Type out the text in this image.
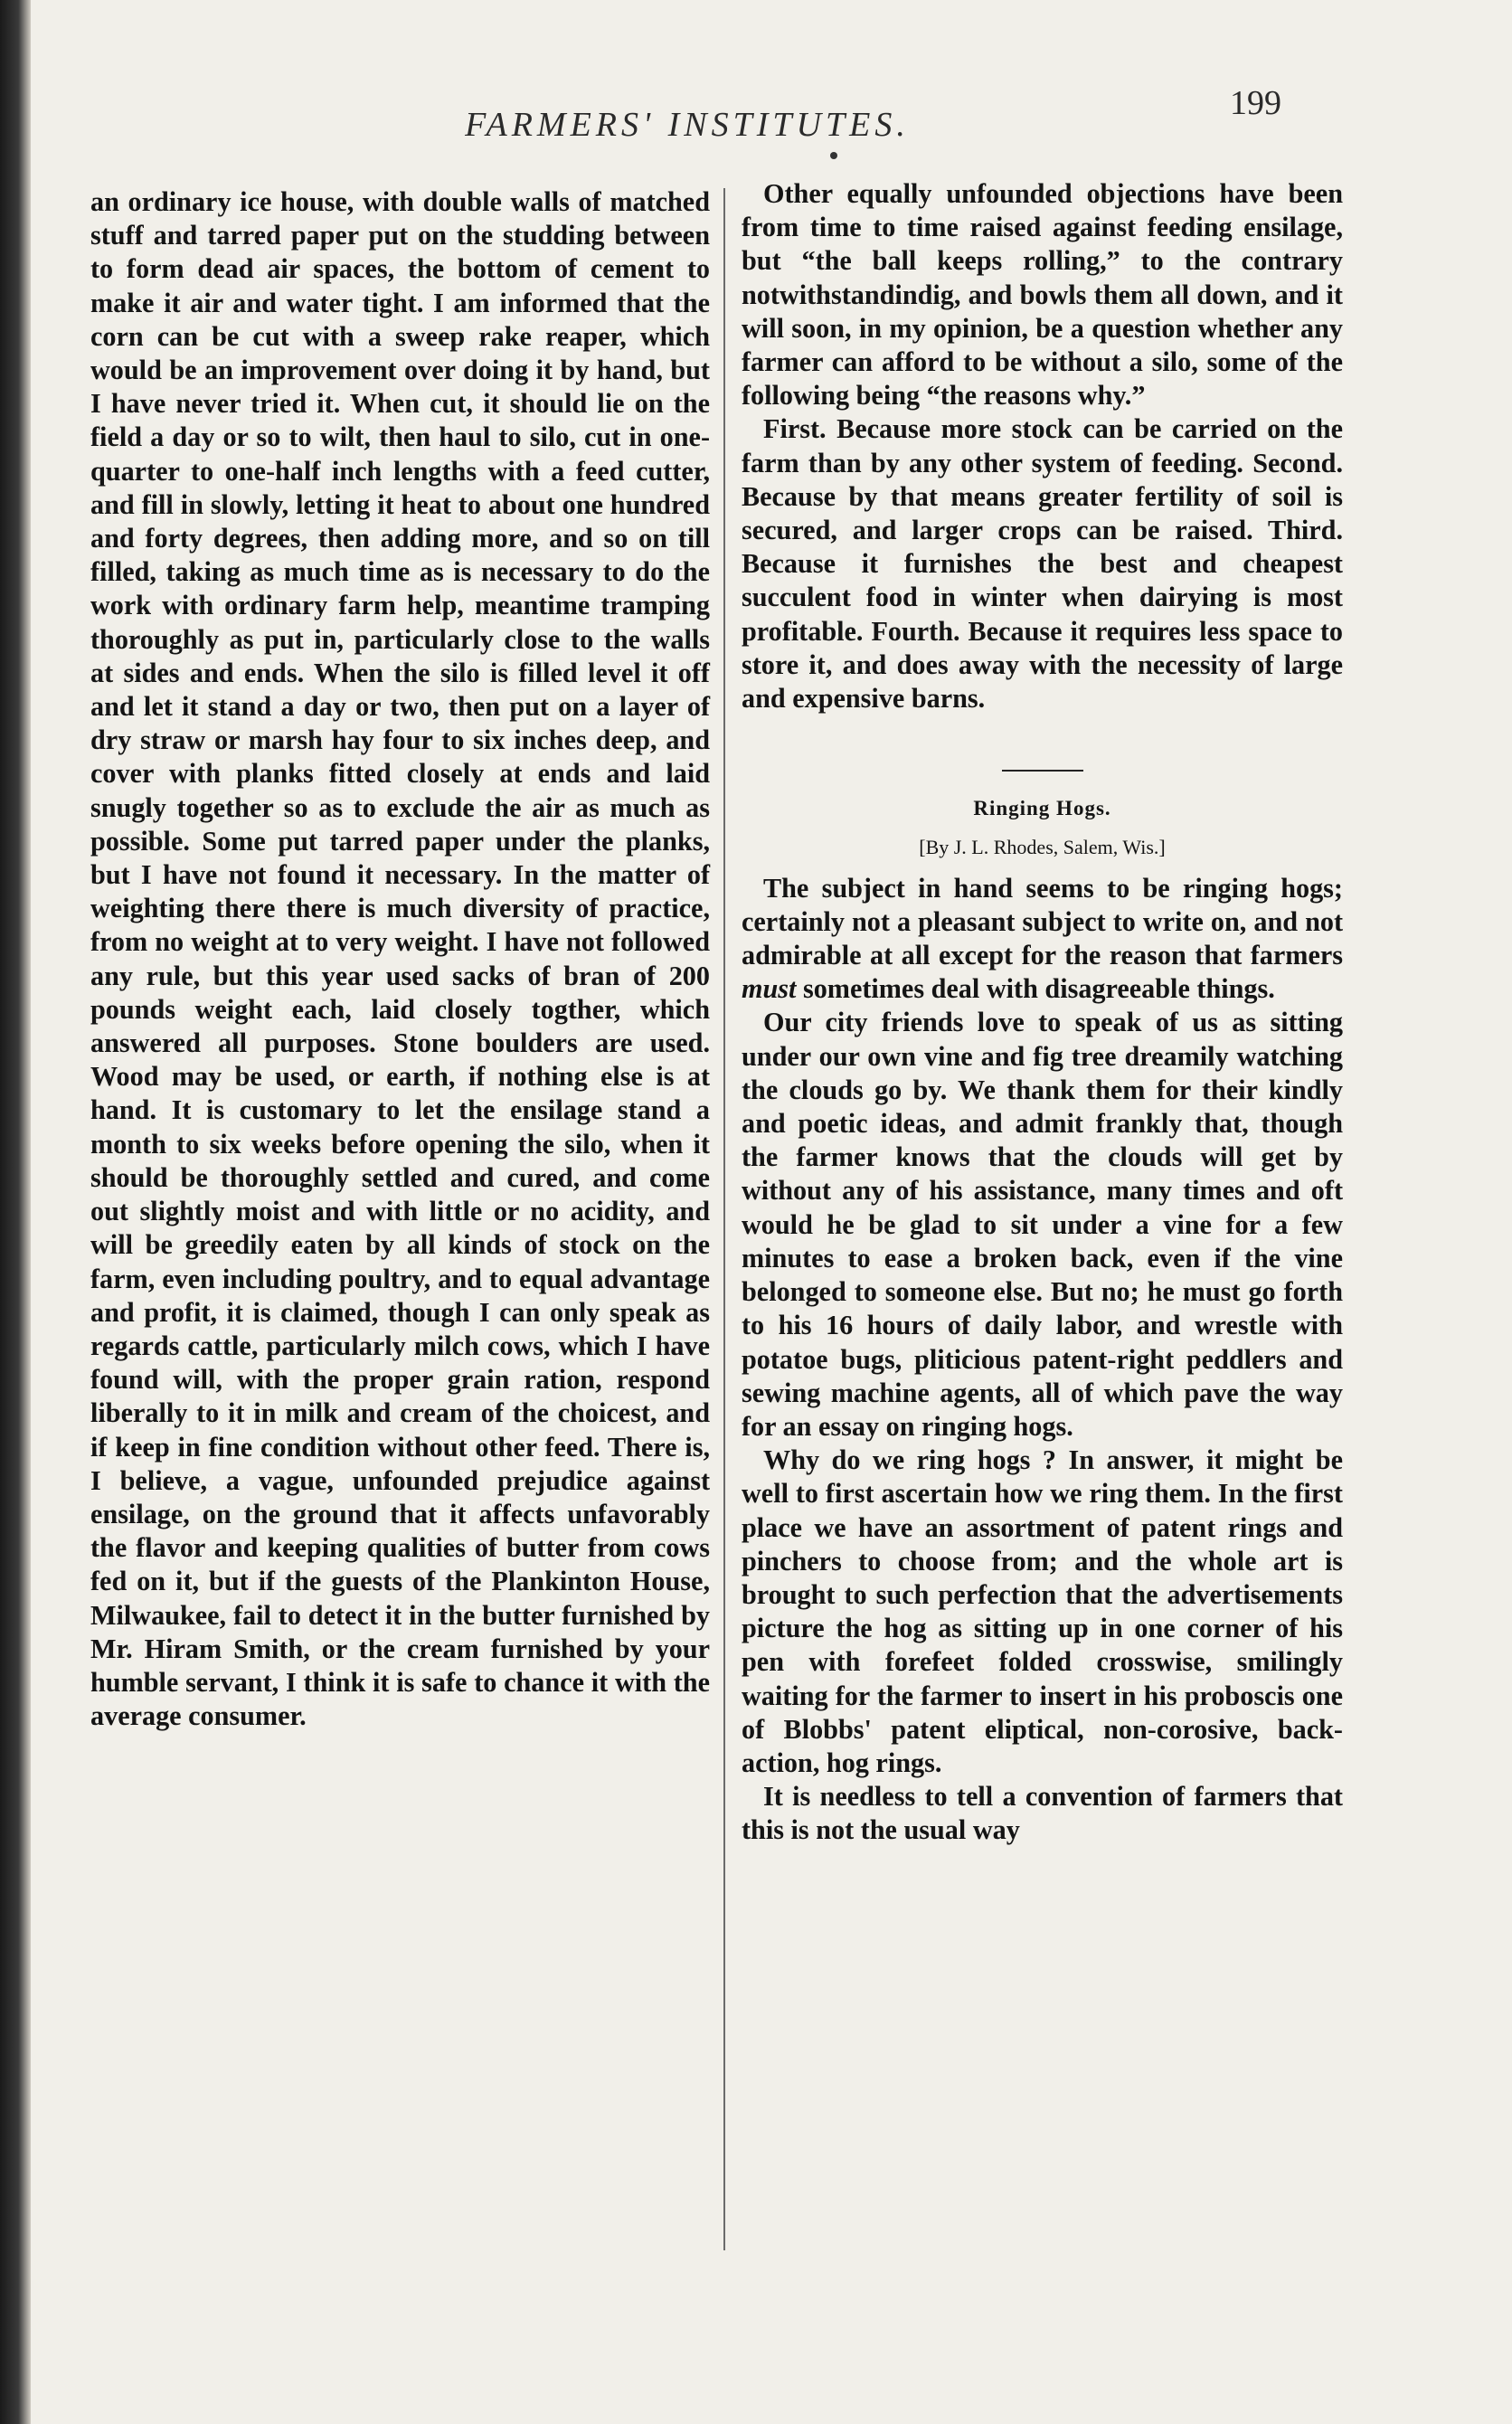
FARMERS' INSTITUTES.
199

an ordinary ice house, with double walls of matched stuff and tarred paper put on the studding between to form dead air spaces, the bottom of cement to make it air and water tight. I am informed that the corn can be cut with a sweep rake reaper, which would be an improvement over doing it by hand, but I have never tried it. When cut, it should lie on the field a day or so to wilt, then haul to silo, cut in one-quarter to one-half inch lengths with a feed cutter, and fill in slowly, letting it heat to about one hundred and forty degrees, then adding more, and so on till filled, taking as much time as is necessary to do the work with ordinary farm help, meantime tramping thoroughly as put in, particularly close to the walls at sides and ends. When the silo is filled level it off and let it stand a day or two, then put on a layer of dry straw or marsh hay four to six inches deep, and cover with planks fitted closely at ends and laid snugly together so as to exclude the air as much as possible. Some put tarred paper under the planks, but I have not found it necessary. In the matter of weighting there there is much diversity of practice, from no weight at to very weight. I have not followed any rule, but this year used sacks of bran of 200 pounds weight each, laid closely togther, which answered all purposes. Stone boulders are used. Wood may be used, or earth, if nothing else is at hand. It is customary to let the ensilage stand a month to six weeks before opening the silo, when it should be thoroughly settled and cured, and come out slightly moist and with little or no acidity, and will be greedily eaten by all kinds of stock on the farm, even including poultry, and to equal advantage and profit, it is claimed, though I can only speak as regards cattle, particularly milch cows, which I have found will, with the proper grain ration, respond liberally to it in milk and cream of the choicest, and if keep in fine condition without other feed. There is, I believe, a vague, unfounded prejudice against ensilage, on the ground that it affects unfavorably the flavor and keeping qualities of butter from cows fed on it, but if the guests of the Plankinton House, Milwaukee, fail to detect it in the butter furnished by Mr. Hiram Smith, or the cream furnished by your humble servant, I think it is safe to chance it with the average consumer.

Other equally unfounded objections have been from time to time raised against feeding ensilage, but “the ball keeps rolling,” to the contrary notwithstandindig, and bowls them all down, and it will soon, in my opinion, be a question whether any farmer can afford to be without a silo, some of the following being “the reasons why.”

First. Because more stock can be carried on the farm than by any other system of feeding. Second. Because by that means greater fertility of soil is secured, and larger crops can be raised. Third. Because it furnishes the best and cheapest succulent food in winter when dairying is most profitable. Fourth. Because it requires less space to store it, and does away with the necessity of large and expensive barns.

Ringing Hogs.
[By J. L. Rhodes, Salem, Wis.]

The subject in hand seems to be ringing hogs; certainly not a pleasant subject to write on, and not admirable at all except for the reason that farmers must sometimes deal with disagreeable things.

Our city friends love to speak of us as sitting under our own vine and fig tree dreamily watching the clouds go by. We thank them for their kindly and poetic ideas, and admit frankly that, though the farmer knows that the clouds will get by without any of his assistance, many times and oft would he be glad to sit under a vine for a few minutes to ease a broken back, even if the vine belonged to someone else. But no; he must go forth to his 16 hours of daily labor, and wrestle with potatoe bugs, pliticious patent-right peddlers and sewing machine agents, all of which pave the way for an essay on ringing hogs.

Why do we ring hogs ? In answer, it might be well to first ascertain how we ring them. In the first place we have an assortment of patent rings and pinchers to choose from; and the whole art is brought to such perfection that the advertisements picture the hog as sitting up in one corner of his pen with forefeet folded crosswise, smilingly waiting for the farmer to insert in his proboscis one of Blobbs' patent eliptical, non-corosive, back-action, hog rings.

It is needless to tell a convention of farmers that this is not the usual way
